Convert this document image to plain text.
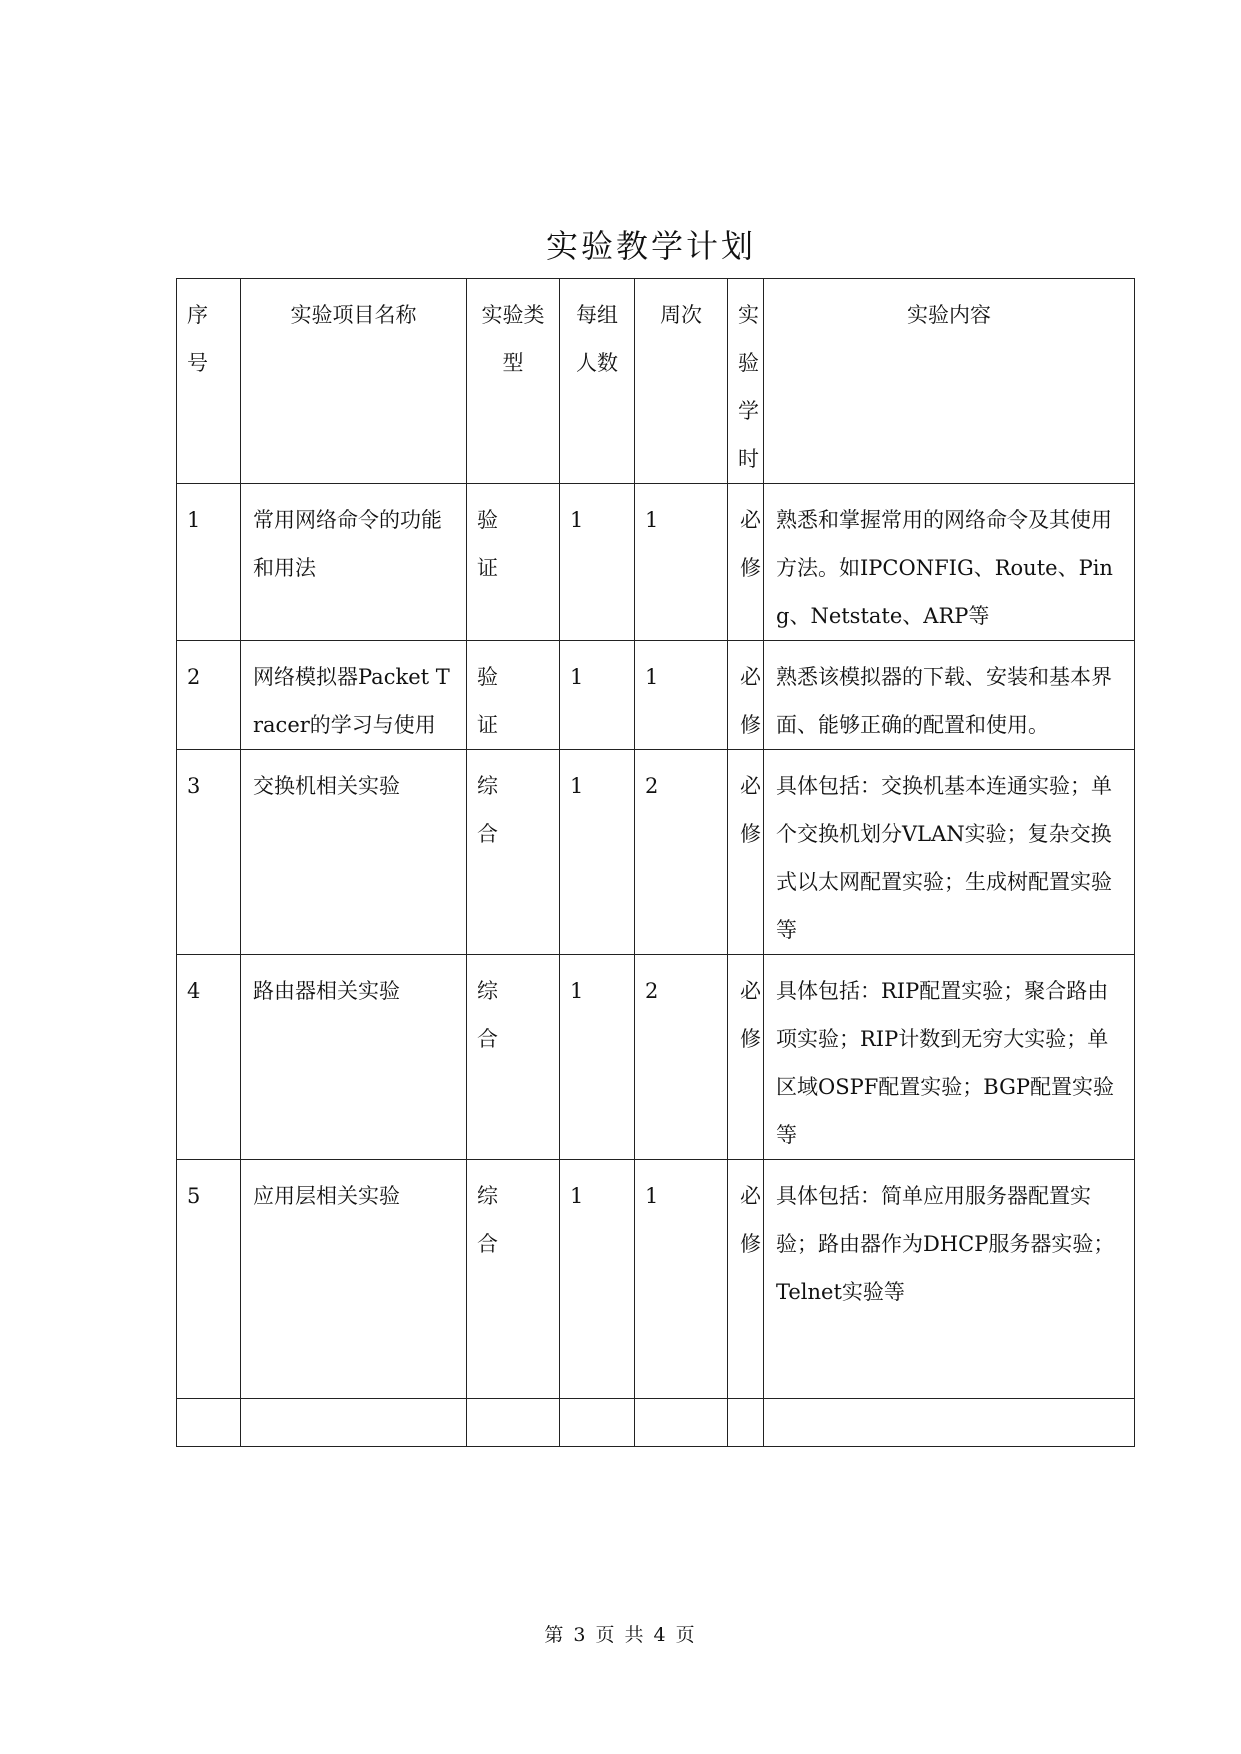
实验教学计划
序号	实验项目名称	实验类型	每组人数	周次	实验学时	实验内容
1	常用网络命令的功能和用法	验证	1	1	必修	熟悉和掌握常用的网络命令及其使用方法。如IPCONFIG、Route、Ping、Netstate、ARP等
2	网络模拟器Packet Tracer的学习与使用	验证	1	1	必修	熟悉该模拟器的下载、安装和基本界面、能够正确的配置和使用。
3	交换机相关实验	综合	1	2	必修	具体包括：交换机基本连通实验；单个交换机划分VLAN实验；复杂交换式以太网配置实验；生成树配置实验等
4	路由器相关实验	综合	1	2	必修	具体包括：RIP配置实验；聚合路由项实验；RIP计数到无穷大实验；单区域OSPF配置实验；BGP配置实验等
5	应用层相关实验	综合	1	1	必修	具体包括：简单应用服务器配置实验；路由器作为DHCP服务器实验；Telnet实验等

第 3 页 共 4 页
